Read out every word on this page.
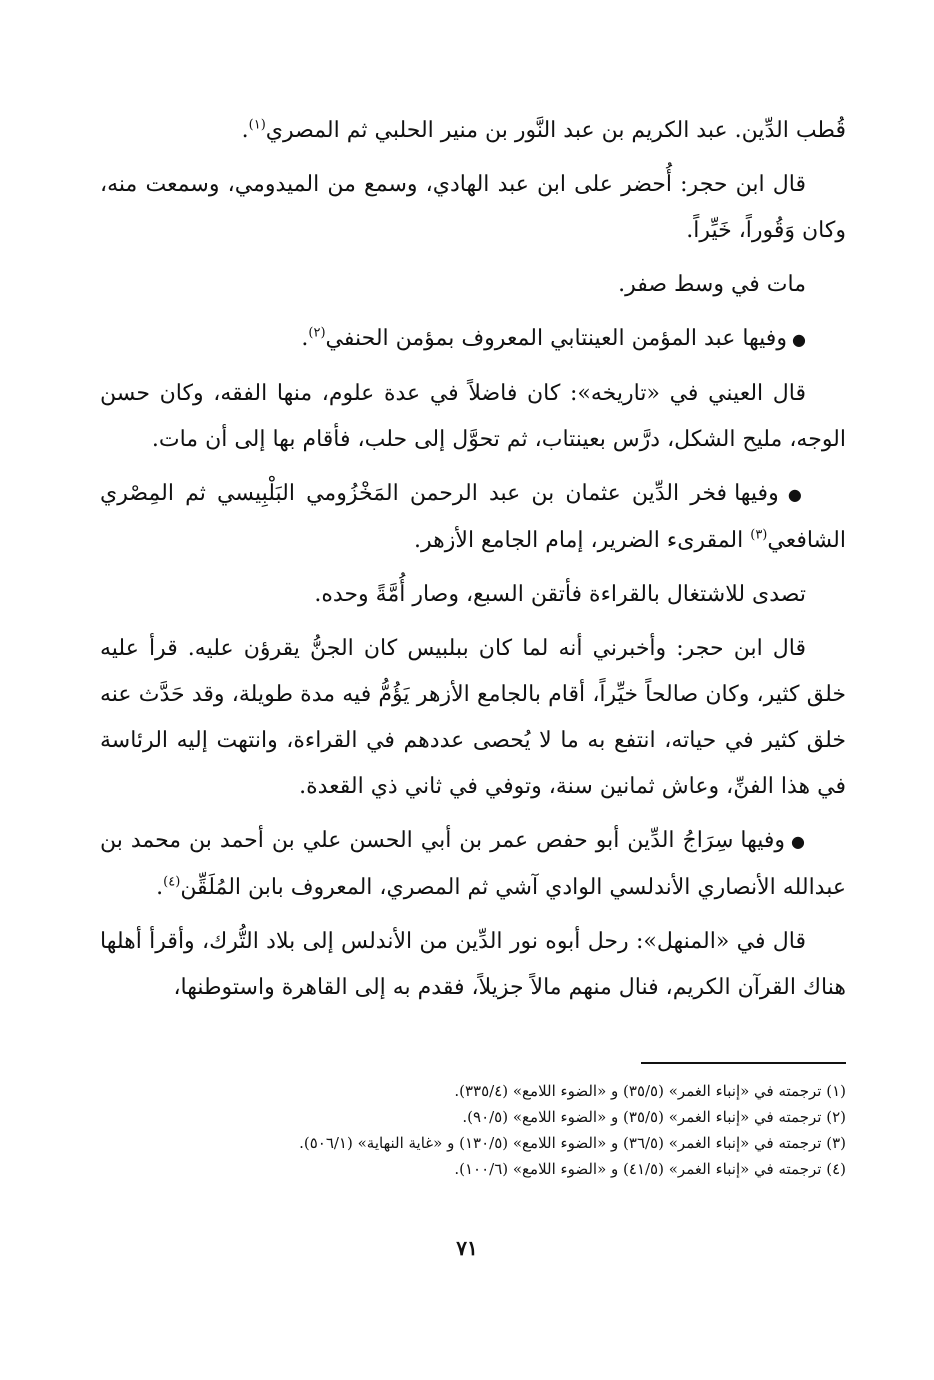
قُطب الدِّين. عبد الكريم بن عبد النَّور بن منير الحلبي ثم المصري$^{(١)}$.

قال ابن حجر: أُحضر على ابن عبد الهادي، وسمع من الميدومي، وسمعت منه، وكان وَقُوراً، خَيِّراً.

مات في وسط صفر.

● وفيها عبد المؤمن العينتابي المعروف بمؤمن الحنفي$^{(٢)}$.

قال العيني في «تاريخه»: كان فاضلاً في عدة علوم، منها الفقه، وكان حسن الوجه، مليح الشكل، درَّس بعينتاب، ثم تحوَّل إلى حلب، فأقام بها إلى أن مات.

● وفيها فخر الدِّين عثمان بن عبد الرحمن المَخْزُومي البَلْبِيسي ثم المِصْري الشافعي$^{(٣)}$ المقرىء الضرير، إمام الجامع الأزهر.

تصدى للاشتغال بالقراءة فأتقن السبع، وصار أُمَّةً وحده.

قال ابن حجر: وأخبرني أنه لما كان ببلبيس كان الجنُّ يقرؤن عليه. قرأ عليه خلق كثير، وكان صالحاً خيِّراً، أقام بالجامع الأزهر يَؤُمُّ فيه مدة طويلة، وقد حَدَّث عنه خلق كثير في حياته، انتفع به ما لا يُحصى عددهم في القراءة، وانتهت إليه الرئاسة في هذا الفنِّ، وعاش ثمانين سنة، وتوفي في ثاني ذي القعدة.

● وفيها سِرَاجُ الدِّين أبو حفص عمر بن أبي الحسن علي بن أحمد بن محمد بن عبدالله الأنصاري الأندلسي الوادي آشي ثم المصري، المعروف بابن المُلَقِّن$^{(٤)}$.

قال في «المنهل»: رحل أبوه نور الدِّين من الأندلس إلى بلاد التُّرك، وأقرأ أهلها هناك القرآن الكريم، فنال منهم مالاً جزيلاً، فقدم به إلى القاهرة واستوطنها،

(١) ترجمته في «إنباء الغمر» (٣٥/٥) و «الضوء اللامع» (٣٣٥/٤).

(٢) ترجمته في «إنباء الغمر» (٣٥/٥) و «الضوء اللامع» (٩٠/٥).

(٣) ترجمته في «إنباء الغمر» (٣٦/٥) و «الضوء اللامع» (١٣٠/٥) و «غاية النهاية» (٥٠٦/١).

(٤) ترجمته في «إنباء الغمر» (٤١/٥) و «الضوء اللامع» (١٠٠/٦).

٧١
